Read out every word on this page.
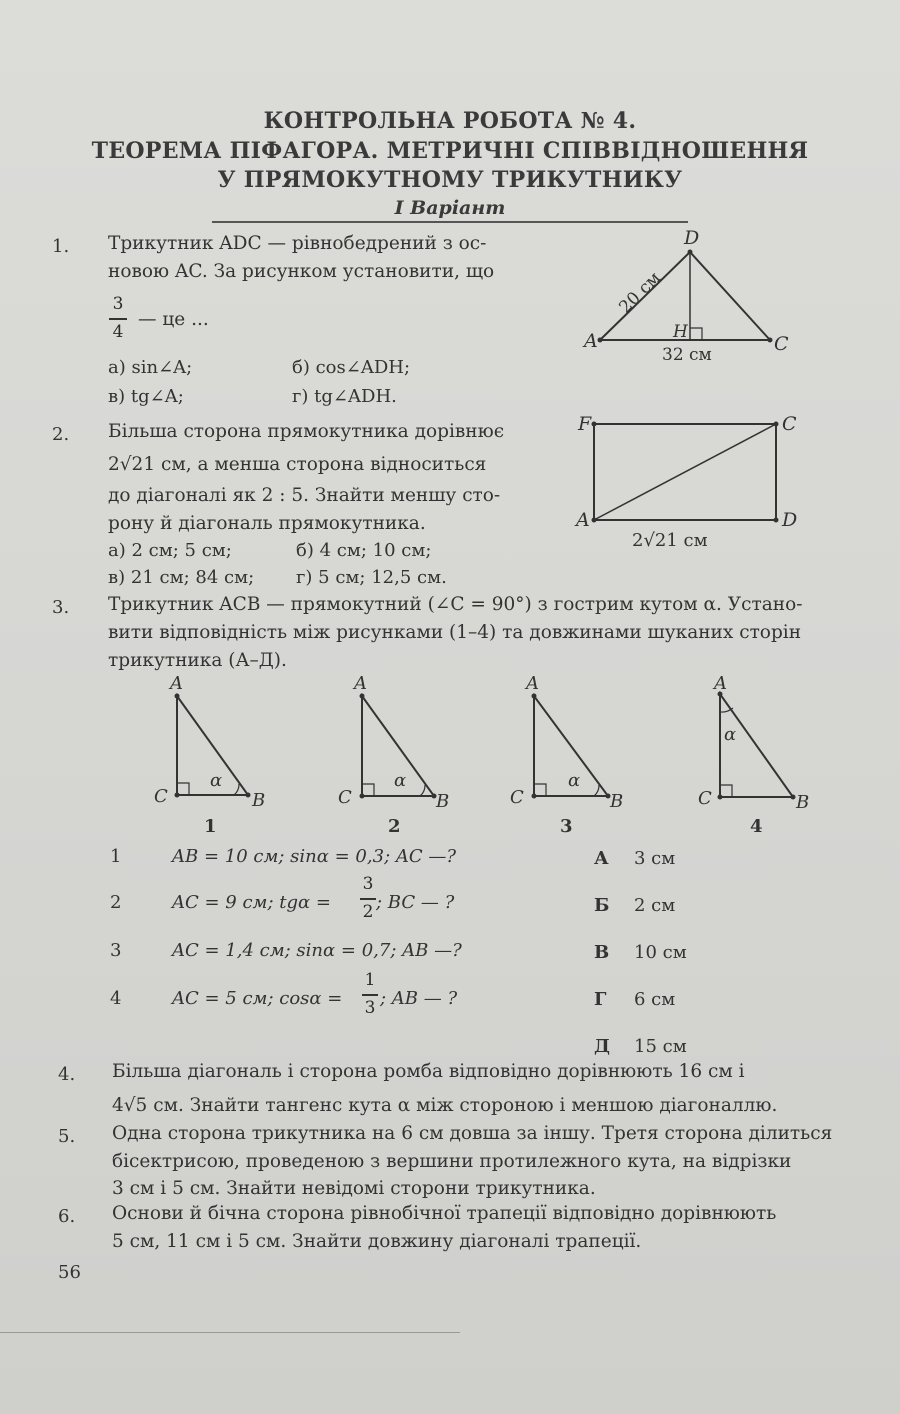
КОНТРОЛЬНА РОБОТА № 4.
ТЕОРЕМА ПІФАГОРА. МЕТРИЧНІ СПІВВІДНОШЕННЯ
У ПРЯМОКУТНОМУ ТРИКУТНИКУ
І Варіант
1. Трикутник ADC — рівнобедрений з ос-
новою AC. За рисунком установити, що
3
4
— це ...
а) sin∠A;	б) cos∠ADH;
в) tg∠A;	г) tg∠ADH.
D
A	C
H
20 см
32 см
2. Більша сторона прямокутника дорівнює
2√21 см, а менша сторона відноситься
до діагоналі як 2 : 5. Знайти меншу сто-
рону й діагональ прямокутника.
а) 2 см; 5 см;	б) 4 см; 10 см;
в) 21 см; 84 см; г) 5 см; 12,5 см.
F	C
A	D
2√21 см
3. Трикутник ACB — прямокутний (∠C = 90°) з гострим кутом α. Устано-
вити відповідність між рисунками (1–4) та довжинами шуканих сторін
трикутника (А–Д).
A
C	B
α
1
A
C	B
α
2
A
C	B
α
3
A
C	B
α
4
1	AB = 10 см; sinα = 0,3; AC —?
2	AC = 9 см; tgα =
3
2 ; BC — ?
3	AC = 1,4 см; sinα = 0,7; AB —?
4	AC = 5 см; cosα =
1
3 ; AB — ?
А 3 см
Б 2 см
В 10 см
Г 6 см
Д 15 см
4. Більша діагональ і сторона ромба відповідно дорівнюють 16 см і
4√5 см. Знайти тангенс кута α між стороною і меншою діагоналлю.
5. Одна сторона трикутника на 6 см довша за іншу. Третя сторона ділиться
бісектрисою, проведеною з вершини протилежного кута, на відрізки
3 см і 5 см. Знайти невідомі сторони трикутника.
6. Основи й бічна сторона рівнобічної трапеції відповідно дорівнюють
5 см, 11 см і 5 см. Знайти довжину діагоналі трапеції.
56
